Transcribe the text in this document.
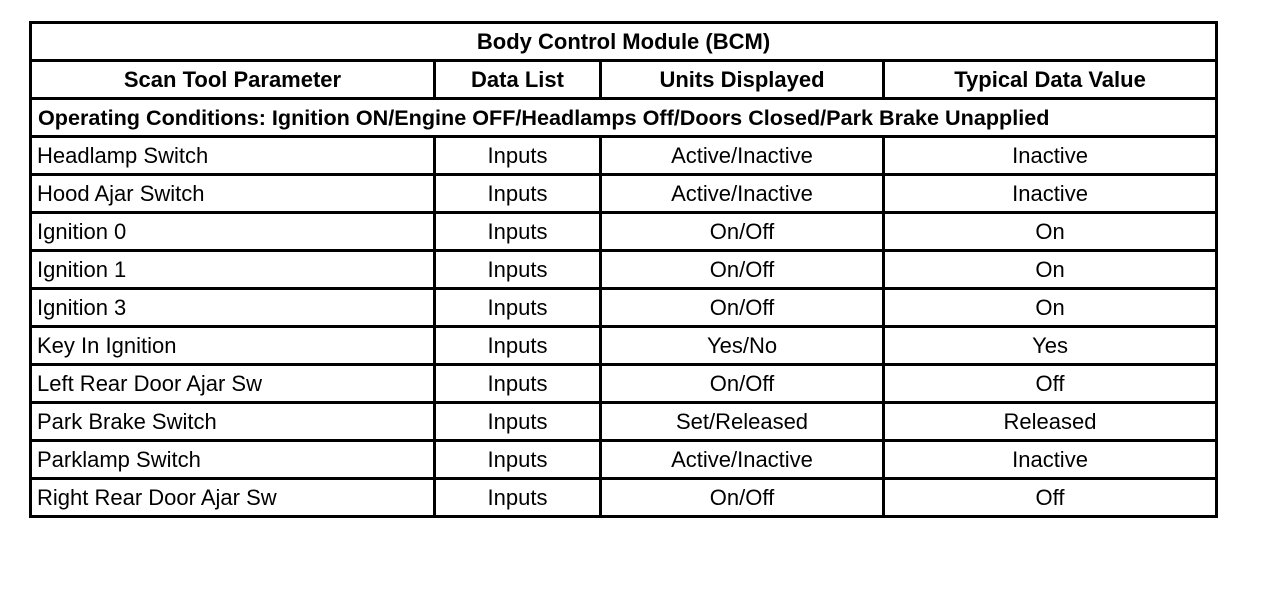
Body Control Module (BCM)			
Scan Tool Parameter	Data List	Units Displayed	Typical Data Value
Operating Conditions: Ignition ON/Engine OFF/Headlamps Off/Doors Closed/Park Brake Unapplied			
Headlamp Switch	Inputs	Active/Inactive	Inactive
Hood Ajar Switch	Inputs	Active/Inactive	Inactive
Ignition 0	Inputs	On/Off	On
Ignition 1	Inputs	On/Off	On
Ignition 3	Inputs	On/Off	On
Key In Ignition	Inputs	Yes/No	Yes
Left Rear Door Ajar Sw	Inputs	On/Off	Off
Park Brake Switch	Inputs	Set/Released	Released
Parklamp Switch	Inputs	Active/Inactive	Inactive
Right Rear Door Ajar Sw	Inputs	On/Off	Off
